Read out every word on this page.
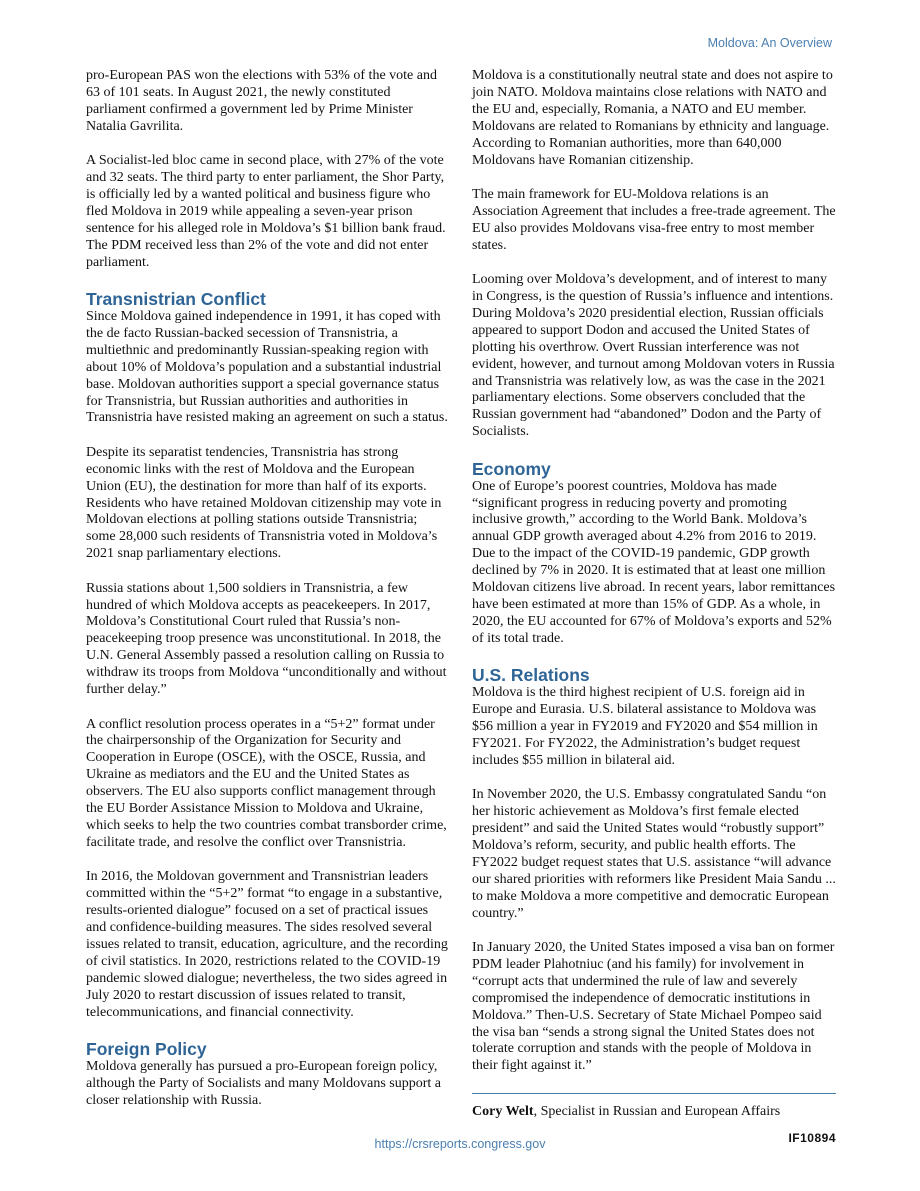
Moldova: An Overview

pro-European PAS won the elections with 53% of the vote and 63 of 101 seats. In August 2021, the newly constituted parliament confirmed a government led by Prime Minister Natalia Gavrilita.

A Socialist-led bloc came in second place, with 27% of the vote and 32 seats. The third party to enter parliament, the Shor Party, is officially led by a wanted political and business figure who fled Moldova in 2019 while appealing a seven-year prison sentence for his alleged role in Moldova’s $1 billion bank fraud. The PDM received less than 2% of the vote and did not enter parliament.

Transnistrian Conflict

Since Moldova gained independence in 1991, it has coped with the de facto Russian-backed secession of Transnistria, a multiethnic and predominantly Russian-speaking region with about 10% of Moldova’s population and a substantial industrial base. Moldovan authorities support a special governance status for Transnistria, but Russian authorities and authorities in Transnistria have resisted making an agreement on such a status.

Despite its separatist tendencies, Transnistria has strong economic links with the rest of Moldova and the European Union (EU), the destination for more than half of its exports. Residents who have retained Moldovan citizenship may vote in Moldovan elections at polling stations outside Transnistria; some 28,000 such residents of Transnistria voted in Moldova’s 2021 snap parliamentary elections.

Russia stations about 1,500 soldiers in Transnistria, a few hundred of which Moldova accepts as peacekeepers. In 2017, Moldova’s Constitutional Court ruled that Russia’s non-peacekeeping troop presence was unconstitutional. In 2018, the U.N. General Assembly passed a resolution calling on Russia to withdraw its troops from Moldova “unconditionally and without further delay.”

A conflict resolution process operates in a “5+2” format under the chairpersonship of the Organization for Security and Cooperation in Europe (OSCE), with the OSCE, Russia, and Ukraine as mediators and the EU and the United States as observers. The EU also supports conflict management through the EU Border Assistance Mission to Moldova and Ukraine, which seeks to help the two countries combat transborder crime, facilitate trade, and resolve the conflict over Transnistria.

In 2016, the Moldovan government and Transnistrian leaders committed within the “5+2” format “to engage in a substantive, results-oriented dialogue” focused on a set of practical issues and confidence-building measures. The sides resolved several issues related to transit, education, agriculture, and the recording of civil statistics. In 2020, restrictions related to the COVID-19 pandemic slowed dialogue; nevertheless, the two sides agreed in July 2020 to restart discussion of issues related to transit, telecommunications, and financial connectivity.

Foreign Policy

Moldova generally has pursued a pro-European foreign policy, although the Party of Socialists and many Moldovans support a closer relationship with Russia.

Moldova is a constitutionally neutral state and does not aspire to join NATO. Moldova maintains close relations with NATO and the EU and, especially, Romania, a NATO and EU member. Moldovans are related to Romanians by ethnicity and language. According to Romanian authorities, more than 640,000 Moldovans have Romanian citizenship.

The main framework for EU-Moldova relations is an Association Agreement that includes a free-trade agreement. The EU also provides Moldovans visa-free entry to most member states.

Looming over Moldova’s development, and of interest to many in Congress, is the question of Russia’s influence and intentions. During Moldova’s 2020 presidential election, Russian officials appeared to support Dodon and accused the United States of plotting his overthrow. Overt Russian interference was not evident, however, and turnout among Moldovan voters in Russia and Transnistria was relatively low, as was the case in the 2021 parliamentary elections. Some observers concluded that the Russian government had “abandoned” Dodon and the Party of Socialists.

Economy

One of Europe’s poorest countries, Moldova has made “significant progress in reducing poverty and promoting inclusive growth,” according to the World Bank. Moldova’s annual GDP growth averaged about 4.2% from 2016 to 2019. Due to the impact of the COVID-19 pandemic, GDP growth declined by 7% in 2020. It is estimated that at least one million Moldovan citizens live abroad. In recent years, labor remittances have been estimated at more than 15% of GDP. As a whole, in 2020, the EU accounted for 67% of Moldova’s exports and 52% of its total trade.

U.S. Relations

Moldova is the third highest recipient of U.S. foreign aid in Europe and Eurasia. U.S. bilateral assistance to Moldova was $56 million a year in FY2019 and FY2020 and $54 million in FY2021. For FY2022, the Administration’s budget request includes $55 million in bilateral aid.

In November 2020, the U.S. Embassy congratulated Sandu “on her historic achievement as Moldova’s first female elected president” and said the United States would “robustly support” Moldova’s reform, security, and public health efforts. The FY2022 budget request states that U.S. assistance “will advance our shared priorities with reformers like President Maia Sandu ... to make Moldova a more competitive and democratic European country.”

In January 2020, the United States imposed a visa ban on former PDM leader Plahotniuc (and his family) for involvement in “corrupt acts that undermined the rule of law and severely compromised the independence of democratic institutions in Moldova.” Then-U.S. Secretary of State Michael Pompeo said the visa ban “sends a strong signal the United States does not tolerate corruption and stands with the people of Moldova in their fight against it.”

Cory Welt, Specialist in Russian and European Affairs

IF10894
https://crsreports.congress.gov
